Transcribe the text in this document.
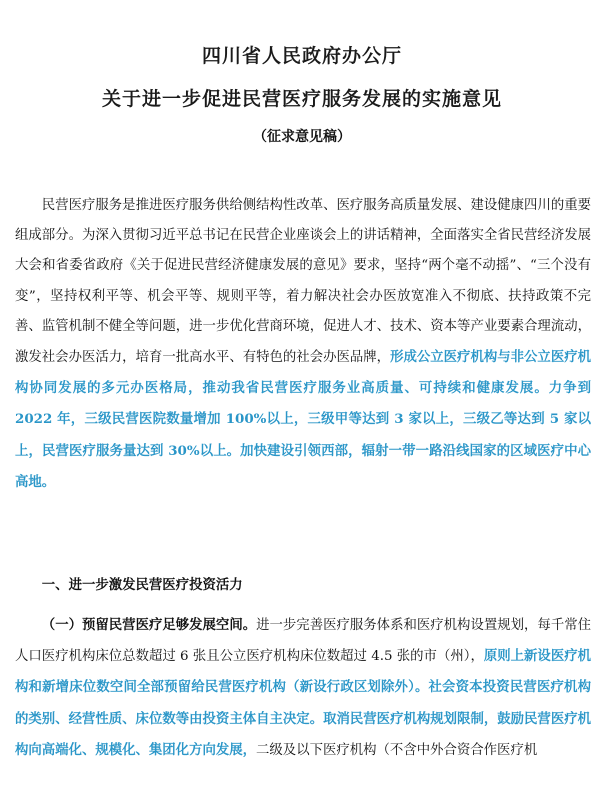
四川省人民政府办公厅
关于进一步促进民营医疗服务发展的实施意见
（征求意见稿）

民营医疗服务是推进医疗服务供给侧结构性改革、医疗服务高质量发展、建设健康四川的重要组成部分。为深入贯彻习近平总书记在民营企业座谈会上的讲话精神，全面落实全省民营经济发展大会和省委省政府《关于促进民营经济健康发展的意见》要求，坚持“两个毫不动摇”、“三个没有变”，坚持权利平等、机会平等、规则平等，着力解决社会办医放宽准入不彻底、扶持政策不完善、监管机制不健全等问题，进一步优化营商环境，促进人才、技术、资本等产业要素合理流动，激发社会办医活力，培育一批高水平、有特色的社会办医品牌，形成公立医疗机构与非公立医疗机构协同发展的多元办医格局，推动我省民营医疗服务业高质量、可持续和健康发展。力争到 2022 年，三级民营医院数量增加 100%以上，三级甲等达到 3 家以上，三级乙等达到 5 家以上，民营医疗服务量达到 30%以上。加快建设引领西部，辐射一带一路沿线国家的区域医疗中心高地。

一、进一步激发民营医疗投资活力

（一）预留民营医疗足够发展空间。进一步完善医疗服务体系和医疗机构设置规划，每千常住人口医疗机构床位总数超过 6 张且公立医疗机构床位数超过 4.5 张的市（州），原则上新设医疗机构和新增床位数空间全部预留给民营医疗机构（新设行政区划除外）。社会资本投资民营医疗机构的类别、经营性质、床位数等由投资主体自主决定。取消民营医疗机构规划限制，鼓励民营医疗机构向高端化、规模化、集团化方向发展，二级及以下医疗机构（不含中外合资合作医疗机
